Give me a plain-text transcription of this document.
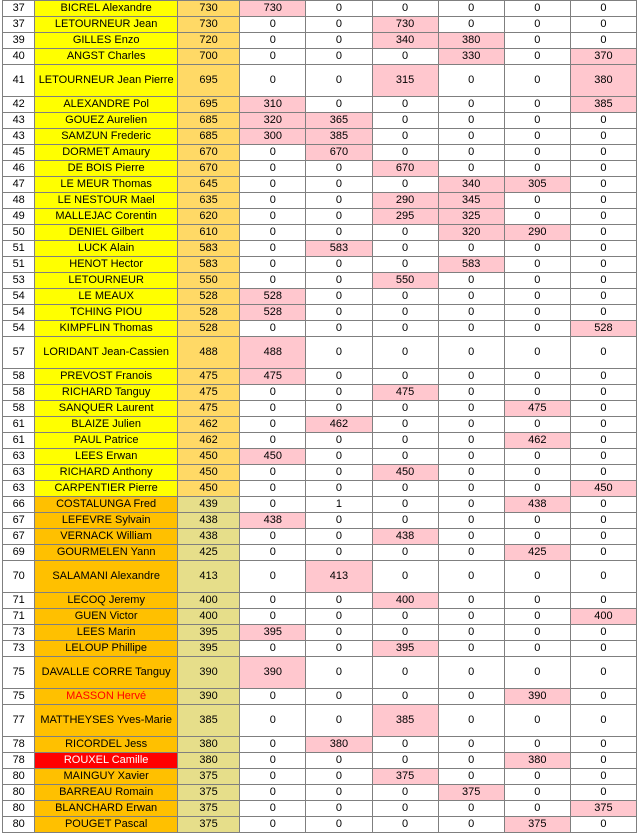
37	BICREL Alexandre	730	730	0	0	0	0	0
37	LETOURNEUR Jean	730	0	0	730	0	0	0
39	GILLES Enzo	720	0	0	340	380	0	0
40	ANGST Charles	700	0	0	0	330	0	370
41	LETOURNEUR Jean Pierre	695	0	0	315	0	0	380
42	ALEXANDRE Pol	695	310	0	0	0	0	385
43	GOUEZ Aurelien	685	320	365	0	0	0	0
43	SAMZUN Frederic	685	300	385	0	0	0	0
45	DORMET Amaury	670	0	670	0	0	0	0
46	DE BOIS Pierre	670	0	0	670	0	0	0
47	LE MEUR Thomas	645	0	0	0	340	305	0
48	LE NESTOUR Mael	635	0	0	290	345	0	0
49	MALLEJAC Corentin	620	0	0	295	325	0	0
50	DENIEL Gilbert	610	0	0	0	320	290	0
51	LUCK Alain	583	0	583	0	0	0	0
51	HENOT Hector	583	0	0	0	583	0	0
53	LETOURNEUR	550	0	0	550	0	0	0
54	LE MEAUX	528	528	0	0	0	0	0
54	TCHING PIOU	528	528	0	0	0	0	0
54	KIMPFLIN Thomas	528	0	0	0	0	0	528
57	LORIDANT Jean-Cassien	488	488	0	0	0	0	0
58	PREVOST Franois	475	475	0	0	0	0	0
58	RICHARD Tanguy	475	0	0	475	0	0	0
58	SANQUER Laurent	475	0	0	0	0	475	0
61	BLAIZE Julien	462	0	462	0	0	0	0
61	PAUL Patrice	462	0	0	0	0	462	0
63	LEES Erwan	450	450	0	0	0	0	0
63	RICHARD Anthony	450	0	0	450	0	0	0
63	CARPENTIER Pierre	450	0	0	0	0	0	450
66	COSTALUNGA Fred	439	0	1	0	0	438	0
67	LEFEVRE Sylvain	438	438	0	0	0	0	0
67	VERNACK William	438	0	0	438	0	0	0
69	GOURMELEN Yann	425	0	0	0	0	425	0
70	SALAMANI Alexandre	413	0	413	0	0	0	0
71	LECOQ Jeremy	400	0	0	400	0	0	0
71	GUEN Victor	400	0	0	0	0	0	400
73	LEES Marin	395	395	0	0	0	0	0
73	LELOUP Phillipe	395	0	0	395	0	0	0
75	DAVALLE CORRE Tanguy	390	390	0	0	0	0	0
75	MASSON Hervé	390	0	0	0	0	390	0
77	MATTHEYSES Yves-Marie	385	0	0	385	0	0	0
78	RICORDEL Jess	380	0	380	0	0	0	0
78	ROUXEL Camille	380	0	0	0	0	380	0
80	MAINGUY Xavier	375	0	0	375	0	0	0
80	BARREAU Romain	375	0	0	0	375	0	0
80	BLANCHARD Erwan	375	0	0	0	0	0	375
80	POUGET Pascal	375	0	0	0	0	375	0
